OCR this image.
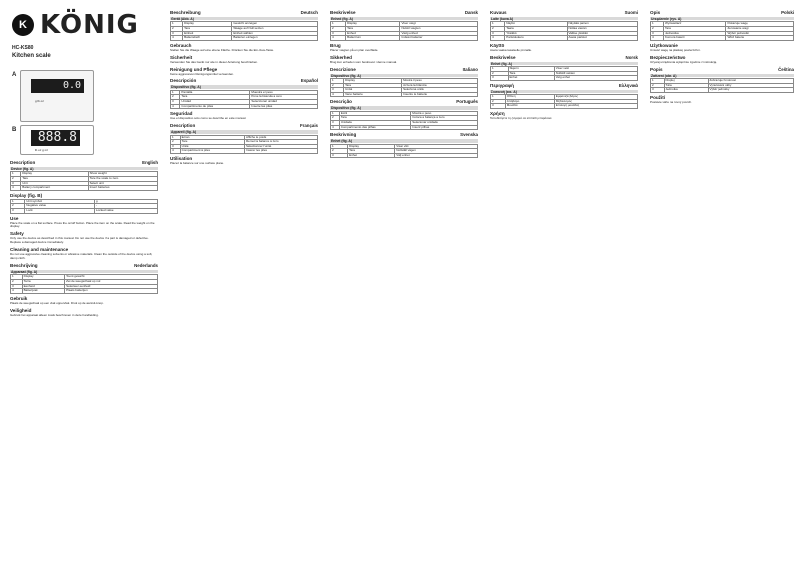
K KÖNIG
HC-KS80
Kitchen scale
A
0.0
g lb oz
B	888.8
lb oz g ml
Description	English
Device (fig. A)
1	Display	Show weight
2	Tare	Tare the scale to zero
3	Unit	Select unit
4	Battery compartment	Insert batteries
Display (fig. B)
1	Unit symbol	g
2	Negative value	-
3	Lock	Locked value
Use
Place the scale on a flat surface. Press the on/off button. Place the item on the scale. Read the weight on the display.
Safety
Only use the device as described in this manual. Do not use the device if a part is damaged or defective. Replace a damaged device immediately.
Cleaning and maintenance
Do not use aggressive cleaning solvents or abrasive materials. Clean the outside of the device using a soft, damp cloth.
Beschrijving	Nederlands
Apparaat (fig. A)
1	Display	Toont gewicht
2	Tarra	Zet de weegschaal op nul
3	Eenheid	Selecteer eenheid
4	Batterijvak	Plaats batterijen
Gebruik
Plaats de weegschaal op een vlak oppervlak. Druk op de aan/uit-knop.
Veiligheid
Gebruik het apparaat alleen zoals beschreven in deze handleiding.
Beschreibung	Deutsch
Gerät (Abb. A)
1	Display	Gewicht anzeigen
2	Tara	Waage auf Null setzen
3	Einheit	Einheit wählen
4	Batteriefach	Batterien einlegen
Gebrauch
Stellen Sie die Waage auf eine ebene Fläche. Drücken Sie die Ein-/Aus-Taste.
Sicherheit
Verwenden Sie das Gerät nur wie in dieser Anleitung beschrieben.
Reinigung und Pflege
Keine aggressiven Reinigungsmittel verwenden.
Descripción	Español
Dispositivo (fig. A)
1	Pantalla	Muestra el peso
2	Tara	Pone la báscula a cero
3	Unidad	Seleccionar unidad
4	Compartimento de pilas	Inserte las pilas
Seguridad
Use el dispositivo solo como se describe en este manual.
Description	Français
Appareil (fig. A)
1	Écran	Affiche le poids
2	Tare	Remet la balance à zéro
3	Unité	Sélectionner l'unité
4	Compartiment à piles	Insérer les piles
Utilisation
Placez la balance sur une surface plane.
Beskrivelse	Dansk
Enhed (fig. A)
1	Display	Viser vægt
2	Tara	Nulstil vægten
3	Enhed	Vælg enhed
4	Batterirum	Indsæt batterier
Brug
Placer vægten på en plan overflade.
Sikkerhed
Brug kun enheden som beskrevet i denne manual.
Descrizione	Italiano
Dispositivo (fig. A)
1	Display	Mostra il peso
2	Tara	Azzera la bilancia
3	Unità	Seleziona unità
4	Vano batterie	Inserire le batterie
Descrição	Português
Dispositivo (fig. A)
1	Ecrã	Mostra o peso
2	Tara	Coloca a balança a zero
3	Unidade	Selecionar unidade
4	Compartimento das pilhas	Inserir pilhas
Beskrivning	Svenska
Enhet (fig. A)
1	Display	Visar vikt
2	Tara	Nollställ vågen
3	Enhet	Välj enhet
Kuvaus	Suomi
Laite (kuva A)
1	Näyttö	Näyttää painon
2	Taara	Nollaa vaa'an
3	Yksikkö	Valitse yksikkö
4	Paristolokero	Aseta paristot
Käyttö
Aseta vaaka tasaiselle pinnalle.
Beskrivelse	Norsk
Enhet (fig. A)
1	Skjerm	Viser vekt
2	Tara	Nullstill vekten
3	Enhet	Velg enhet
Περιγραφή	Ελληνικά
Συσκευή (εικ. A)
1	Οθόνη	Εμφανίζει βάρος
2	Απόβαρο	Μηδενισμός
3	Μονάδα	Επιλογή μονάδας
Χρήση
Τοποθετήστε τη ζυγαριά σε επίπεδη επιφάνεια.
Opis	Polski
Urządzenie (rys. A)
1	Wyświetlacz	Pokazuje wagę
2	Tara	Zerowanie wagi
3	Jednostka	Wybór jednostki
4	Komora baterii	Włóż baterie
Użytkowanie
Umieść wagę na płaskiej powierzchni.
Bezpieczeństwo
Używaj urządzenia wyłącznie zgodnie z instrukcją.
Popis	Čeština
Zařízení (obr. A)
1	Displej	Zobrazuje hmotnost
2	Tára	Vynulování váhy
3	Jednotka	Výběr jednotky
Použití
Postavte váhu na rovný povrch.
